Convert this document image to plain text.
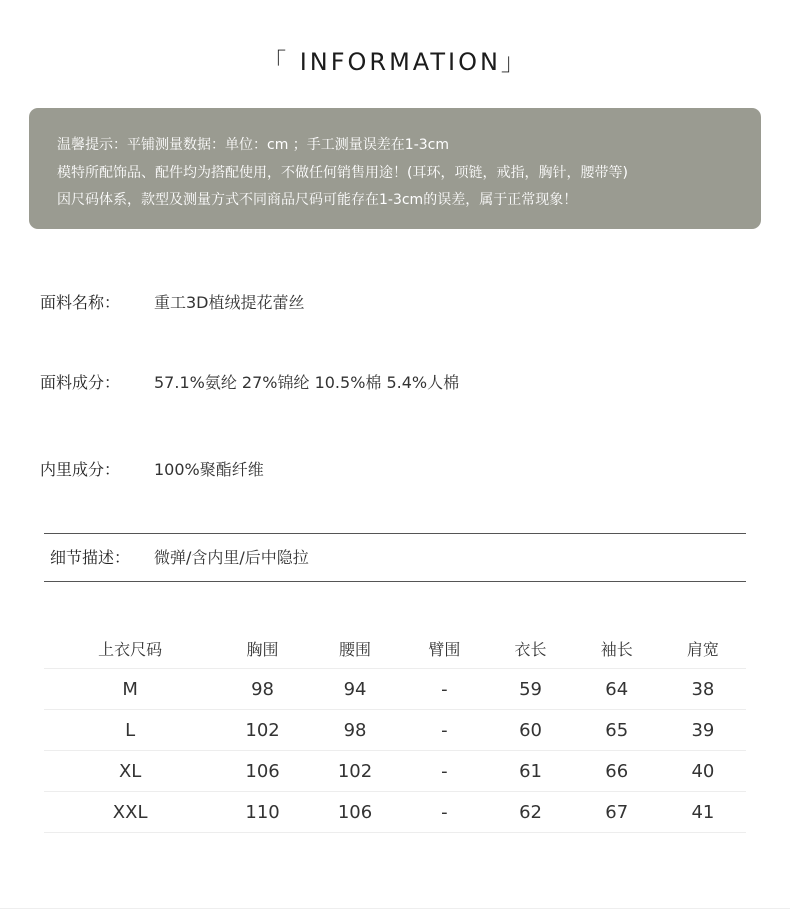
「 INFORMATION」
温馨提示：平铺测量数据：单位：cm ；手工测量误差在1-3cm
模特所配饰品、配件均为搭配使用，不做任何销售用途！(耳环，项链，戒指，胸针，腰带等)
因尺码体系，款型及测量方式不同商品尺码可能存在1-3cm的误差，属于正常现象！
面料名称： 重工3D植绒提花蕾丝
面料成分： 57.1%氨纶 27%锦纶 10.5%棉 5.4%人棉
内里成分： 100%聚酯纤维
细节描述： 微弹/含内里/后中隐拉
上衣尺码	胸围	腰围	臂围	衣长	袖长	肩宽
M	98	94	-	59	64	38
L	102	98	-	60	65	39
XL	106	102	-	61	66	40
XXL	110	106	-	62	67	41
